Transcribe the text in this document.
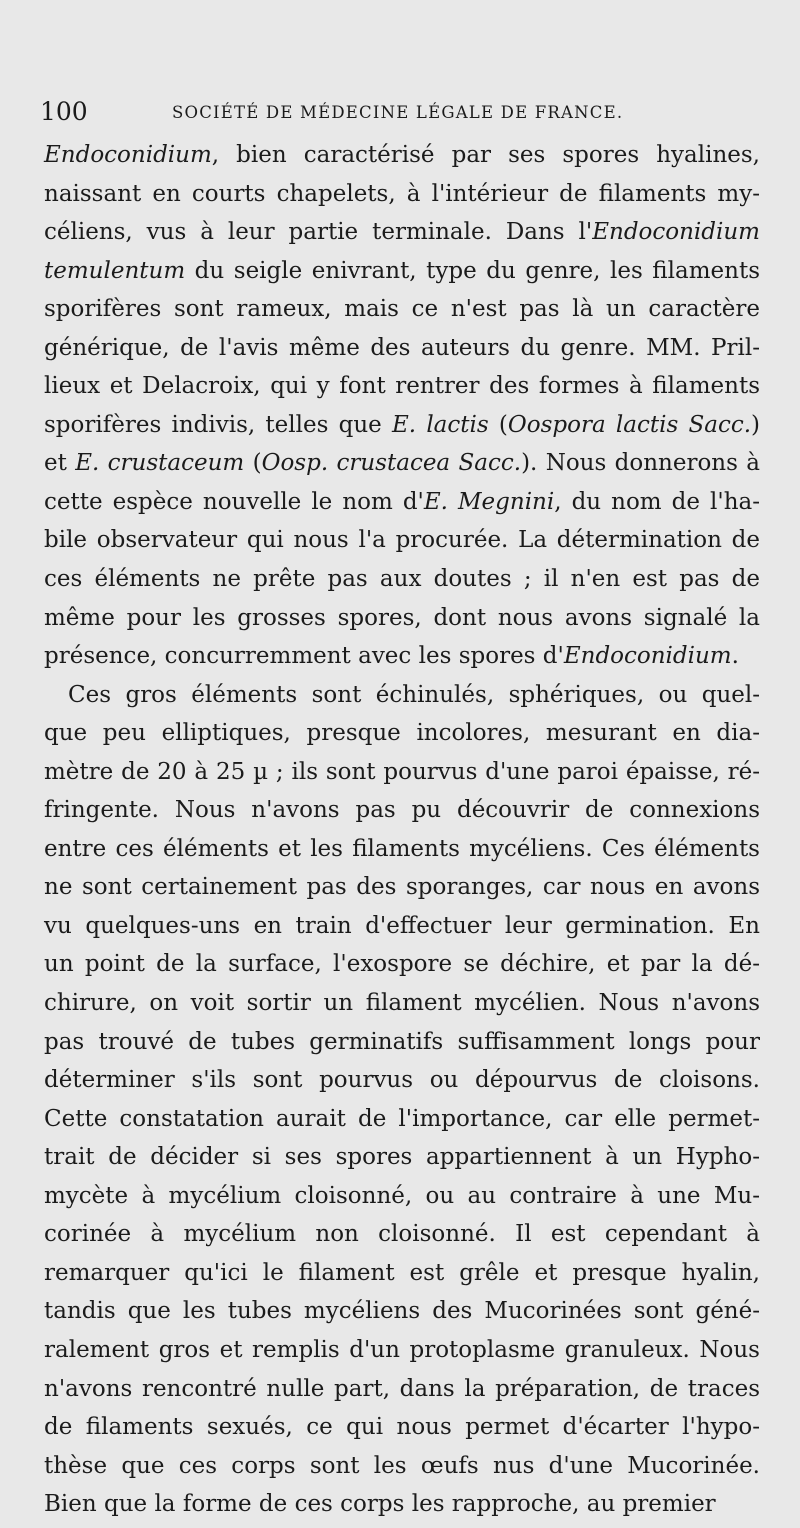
100	SOCIÉTÉ DE MÉDECINE LÉGALE DE FRANCE.
Endoconidium, bien caractérisé par ses spores hyalines,
naissant en courts chapelets, à l'intérieur de filaments my-
céliens, vus à leur partie terminale. Dans l'Endoconidium
temulentum du seigle enivrant, type du genre, les filaments
sporifères sont rameux, mais ce n'est pas là un caractère
générique, de l'avis même des auteurs du genre. MM. Pril-
lieux et Delacroix, qui y font rentrer des formes à filaments
sporifères indivis, telles que E. lactis (Oospora lactis Sacc.)
et E. crustaceum (Oosp. crustacea Sacc.). Nous donnerons à
cette espèce nouvelle le nom d'E. Megnini, du nom de l'ha-
bile observateur qui nous l'a procurée. La détermination de
ces éléments ne prête pas aux doutes ; il n'en est pas de
même pour les grosses spores, dont nous avons signalé la
présence, concurremment avec les spores d'Endoconidium.
Ces gros éléments sont échinulés, sphériques, ou quel-
que peu elliptiques, presque incolores, mesurant en dia-
mètre de 20 à 25 µ ; ils sont pourvus d'une paroi épaisse, ré-
fringente. Nous n'avons pas pu découvrir de connexions
entre ces éléments et les filaments mycéliens. Ces éléments
ne sont certainement pas des sporanges, car nous en avons
vu quelques-uns en train d'effectuer leur germination. En
un point de la surface, l'exospore se déchire, et par la dé-
chirure, on voit sortir un filament mycélien. Nous n'avons
pas trouvé de tubes germinatifs suffisamment longs pour
déterminer s'ils sont pourvus ou dépourvus de cloisons.
Cette constatation aurait de l'importance, car elle permet-
trait de décider si ses spores appartiennent à un Hypho-
mycète à mycélium cloisonné, ou au contraire à une Mu-
corinée à mycélium non cloisonné. Il est cependant à
remarquer qu'ici le filament est grêle et presque hyalin,
tandis que les tubes mycéliens des Mucorinées sont géné-
ralement gros et remplis d'un protoplasme granuleux. Nous
n'avons rencontré nulle part, dans la préparation, de traces
de filaments sexués, ce qui nous permet d'écarter l'hypo-
thèse que ces corps sont les œufs nus d'une Mucorinée.
Bien que la forme de ces corps les rapproche, au premier
